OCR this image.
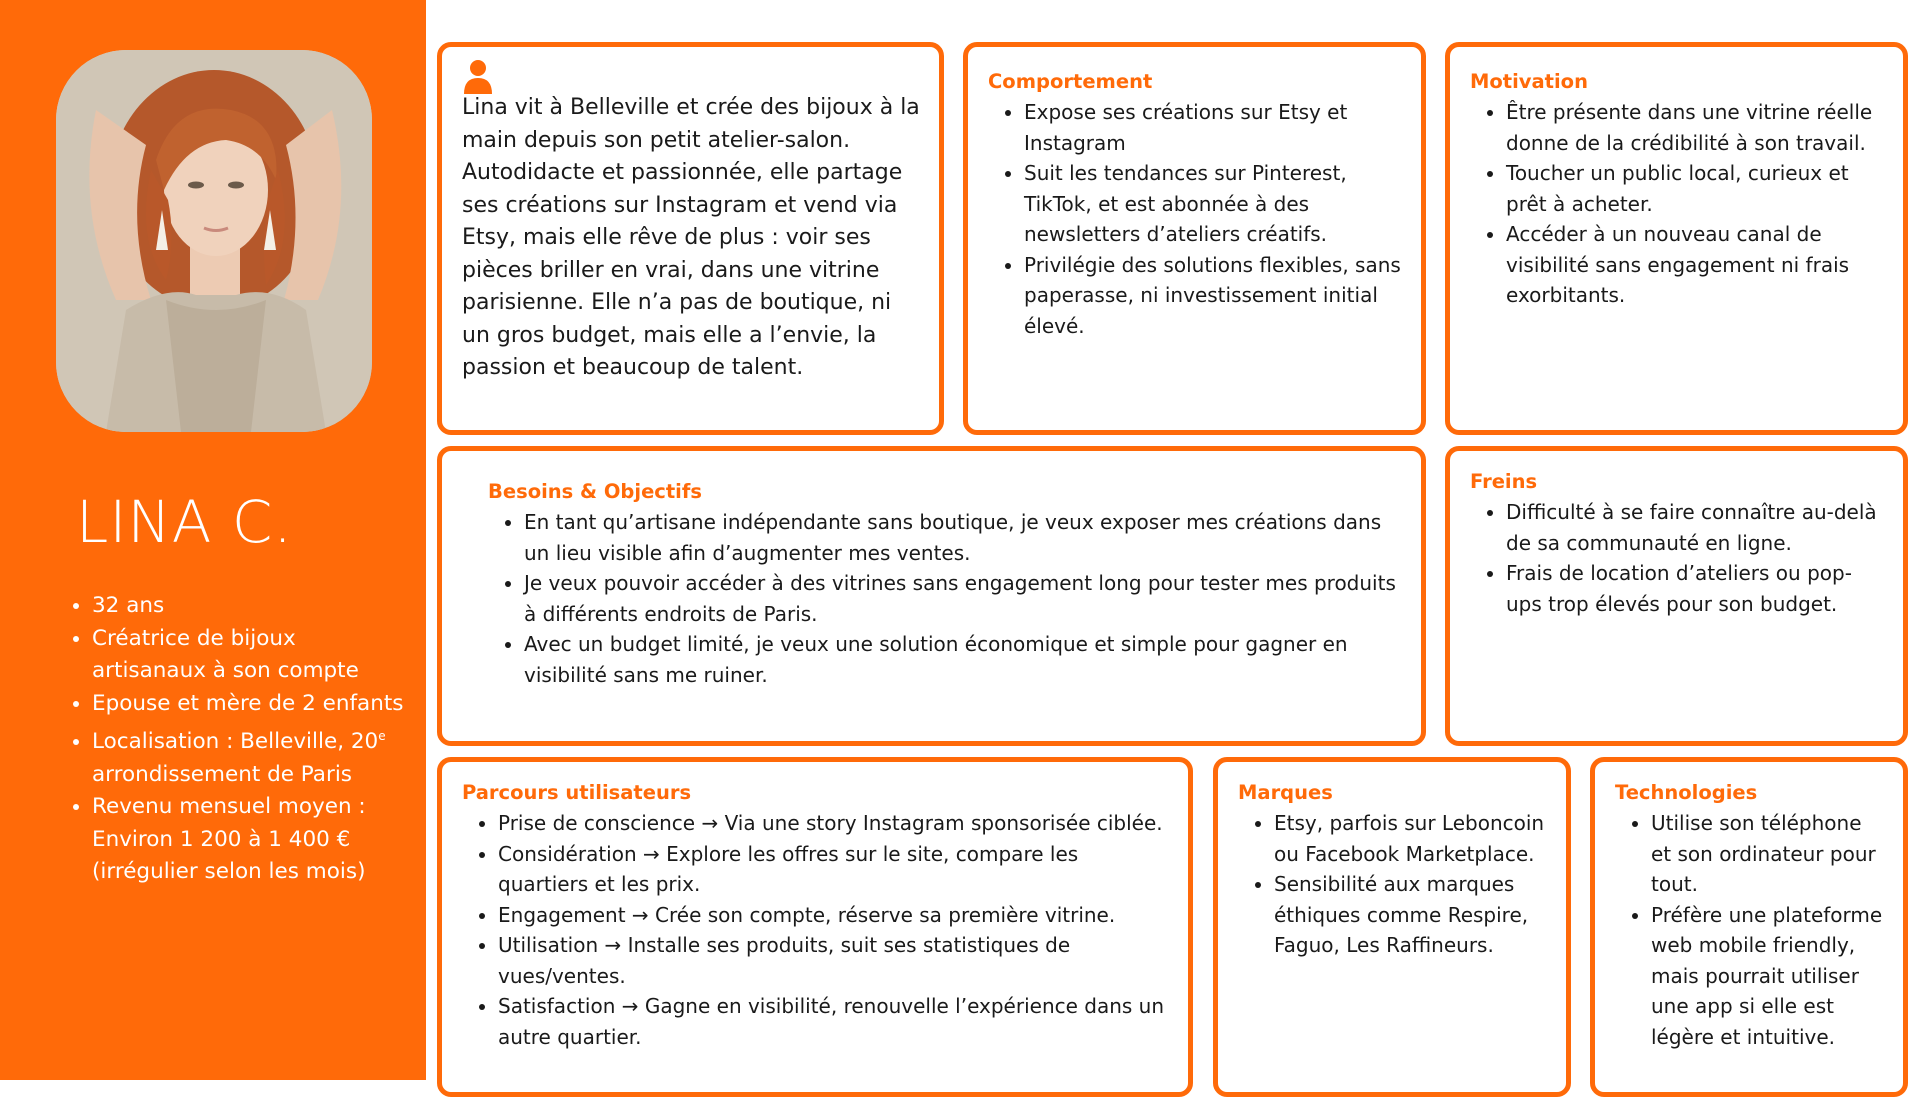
LINA C.
• 32 ans
• Créatrice de bijoux artisanaux à son compte
• Epouse et mère de 2 enfants
• Localisation : Belleville, 20e arrondissement de Paris
• Revenu mensuel moyen : Environ 1 200 à 1 400 € (irrégulier selon les mois)

Lina vit à Belleville et crée des bijoux à la main depuis son petit atelier-salon. Autodidacte et passionnée, elle partage ses créations sur Instagram et vend via Etsy, mais elle rêve de plus : voir ses pièces briller en vrai, dans une vitrine parisienne. Elle n’a pas de boutique, ni un gros budget, mais elle a l’envie, la passion et beaucoup de talent.

Comportement
• Expose ses créations sur Etsy et Instagram
• Suit les tendances sur Pinterest, TikTok, et est abonnée à des newsletters d’ateliers créatifs.
• Privilégie des solutions flexibles, sans paperasse, ni investissement initial élevé.
Motivation
• Être présente dans une vitrine réelle donne de la crédibilité à son travail.
• Toucher un public local, curieux et prêt à acheter.
• Accéder à un nouveau canal de visibilité sans engagement ni frais exorbitants.
Besoins & Objectifs
• En tant qu’artisane indépendante sans boutique, je veux exposer mes créations dans un lieu visible afin d’augmenter mes ventes.
• Je veux pouvoir accéder à des vitrines sans engagement long pour tester mes produits à différents endroits de Paris.
• Avec un budget limité, je veux une solution économique et simple pour gagner en visibilité sans me ruiner.
Freins
• Difficulté à se faire connaître au-delà de sa communauté en ligne.
• Frais de location d’ateliers ou pop-ups trop élevés pour son budget.
Parcours utilisateurs
• Prise de conscience → Via une story Instagram sponsorisée ciblée.
• Considération → Explore les offres sur le site, compare les quartiers et les prix.
• Engagement → Crée son compte, réserve sa première vitrine.
• Utilisation → Installe ses produits, suit ses statistiques de vues/ventes.
• Satisfaction → Gagne en visibilité, renouvelle l’expérience dans un autre quartier.
Marques
• Etsy, parfois sur Leboncoin ou Facebook Marketplace.
• Sensibilité aux marques éthiques comme Respire, Faguo, Les Raffineurs.
Technologies
• Utilise son téléphone et son ordinateur pour tout.
• Préfère une plateforme web mobile friendly, mais pourrait utiliser une app si elle est légère et intuitive.
